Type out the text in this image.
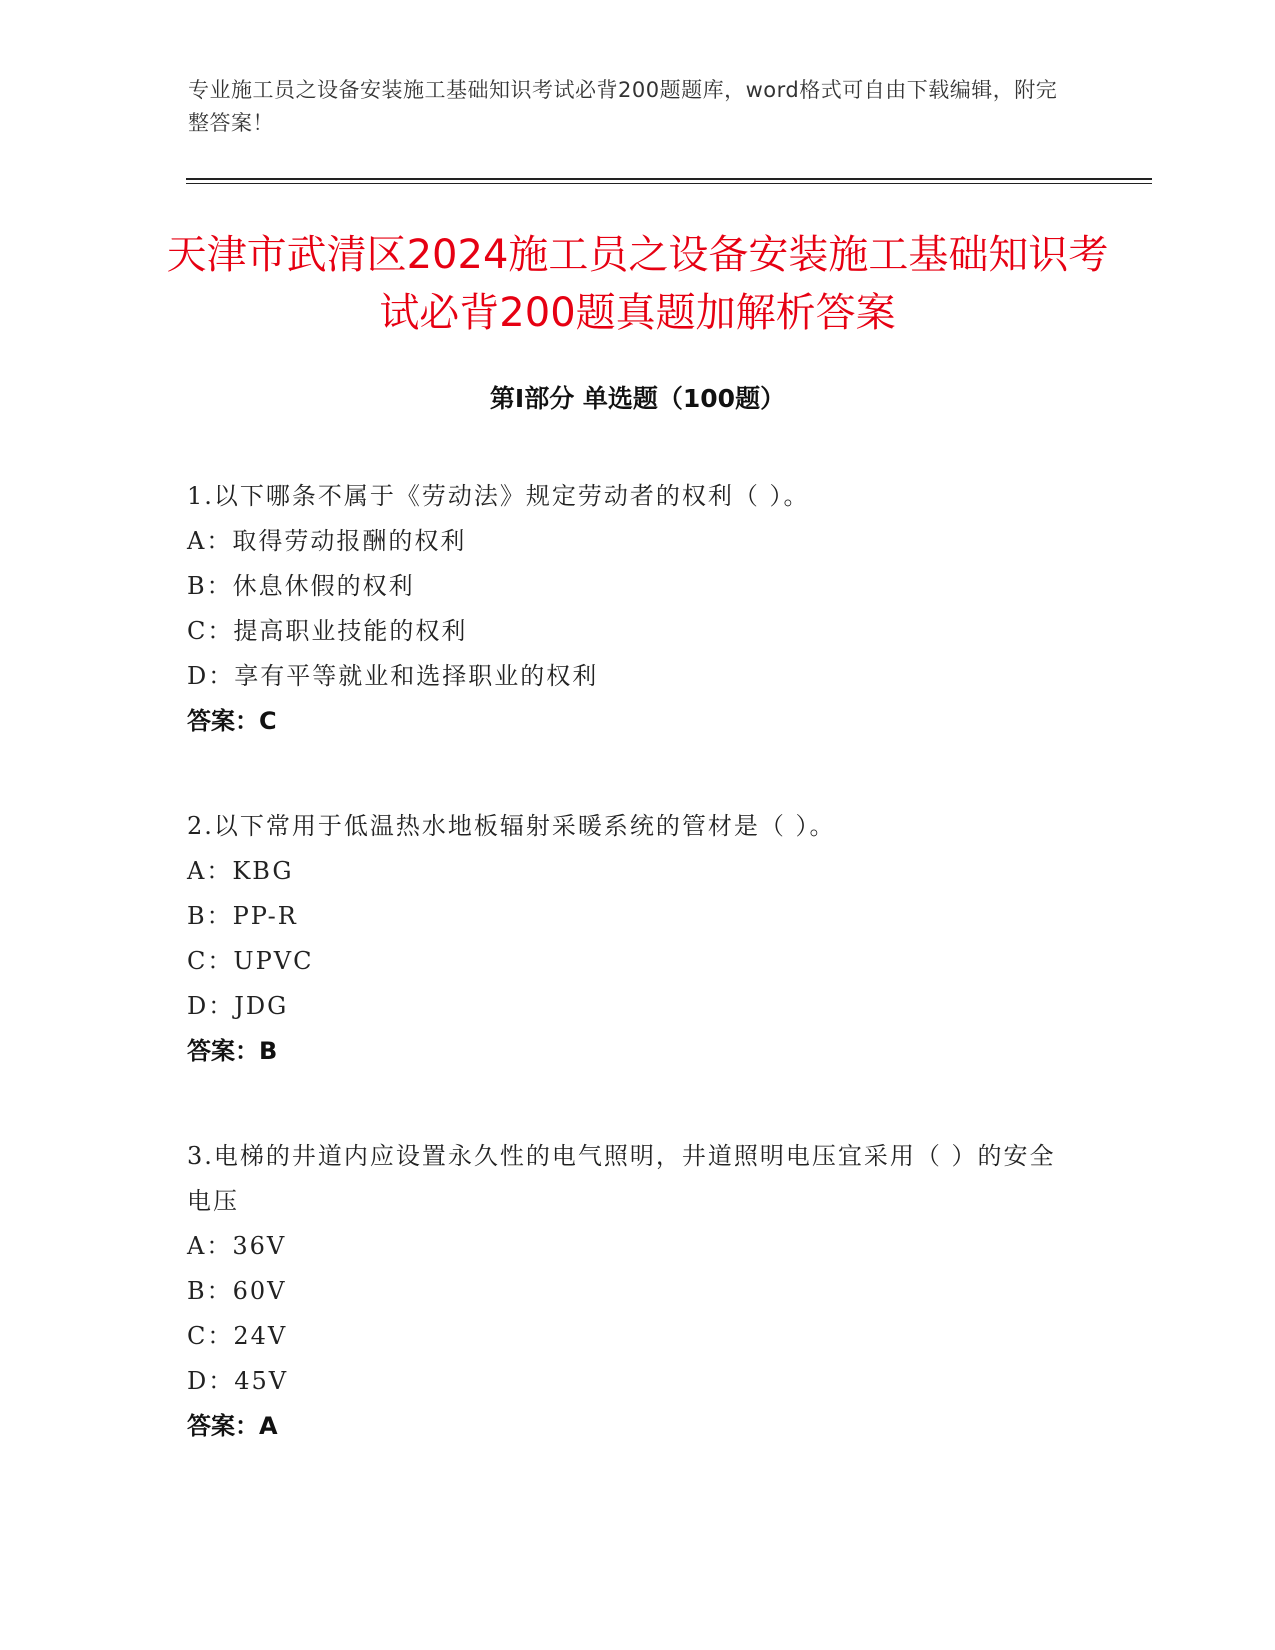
专业施工员之设备安装施工基础知识考试必背200题题库，word格式可自由下载编辑，附完整答案！
天津市武清区2024施工员之设备安装施工基础知识考试必背200题真题加解析答案
第Ⅰ部分 单选题（100题）
1.以下哪条不属于《劳动法》规定劳动者的权利（ ）。
A：取得劳动报酬的权利
B：休息休假的权利
C：提高职业技能的权利
D：享有平等就业和选择职业的权利
答案：C
2.以下常用于低温热水地板辐射采暖系统的管材是（ ）。
A：KBG
B：PP-R
C：UPVC
D：JDG
答案：B
3.电梯的井道内应设置永久性的电气照明，井道照明电压宜采用（ ）的安全电压
A：36V
B：60V
C：24V
D：45V
答案：A
